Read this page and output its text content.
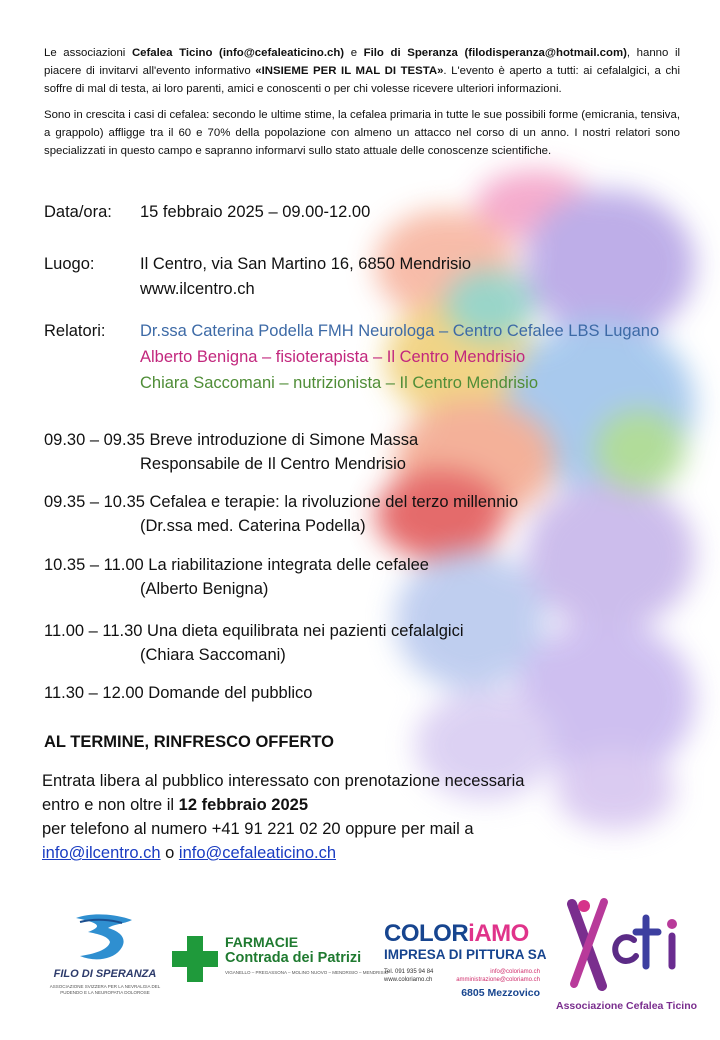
Le associazioni Cefalea Ticino (info@cefaleaticino.ch) e Filo di Speranza (filodisperanza@hotmail.com), hanno il piacere di invitarvi all'evento informativo «INSIEME PER IL MAL DI TESTA». L'evento è aperto a tutti: ai cefalalgici, a chi soffre di mal di testa, ai loro parenti, amici e conoscenti o per chi volesse ricevere ulteriori informazioni.

Sono in crescita i casi di cefalea: secondo le ultime stime, la cefalea primaria in tutte le sue possibili forme (emicrania, tensiva, a grappolo) affligge tra il 60 e 70% della popolazione con almeno un attacco nel corso di un anno. I nostri relatori sono specializzati in questo campo e sapranno informarvi sullo stato attuale delle conoscenze scientifiche.

Data/ora: 15 febbraio 2025 – 09.00-12.00
Luogo:	Il Centro, via San Martino 16, 6850 Mendrisio
www.ilcentro.ch
Relatori: Dr.ssa Caterina Podella FMH Neurologa – Centro Cefalee LBS Lugano
Alberto Benigna – fisioterapista – Il Centro Mendrisio
Chiara Saccomani – nutrizionista – Il Centro Mendrisio
09.30 – 09.35 Breve introduzione di Simone Massa
Responsabile de Il Centro Mendrisio
09.35 – 10.35 Cefalea e terapie: la rivoluzione del terzo millennio
(Dr.ssa med. Caterina Podella)
10.35 – 11.00 La riabilitazione integrata delle cefalee
(Alberto Benigna)
11.00 – 11.30 Una dieta equilibrata nei pazienti cefalalgici
(Chiara Saccomani)
11.30 – 12.00 Domande del pubblico
AL TERMINE, RINFRESCO OFFERTO
Entrata libera al pubblico interessato con prenotazione necessaria
entro e non oltre il 12 febbraio 2025
per telefono al numero +41 91 221 02 20 oppure per mail a
info@ilcentro.ch o info@cefaleaticino.ch
FILO DI SPERANZA
ASSOCIAZIONE SVIZZERA PER LA NEVRALGIA DEL PUDENDO E LA NEUROPATIA DOLOROSE
FARMACIE
Contrada dei Patrizi
VIGANELLO – PREGASSONA – MOLINO NUOVO – MENDRISIO – MENDRISIO
COLORiAMO
IMPRESA DI PITTURA SA
Tel. 091 935 94 84
www.coloriamo.ch
info@coloriamo.ch
amministrazione@coloriamo.ch
6805 Mezzovico
Associazione Cefalea Ticino
